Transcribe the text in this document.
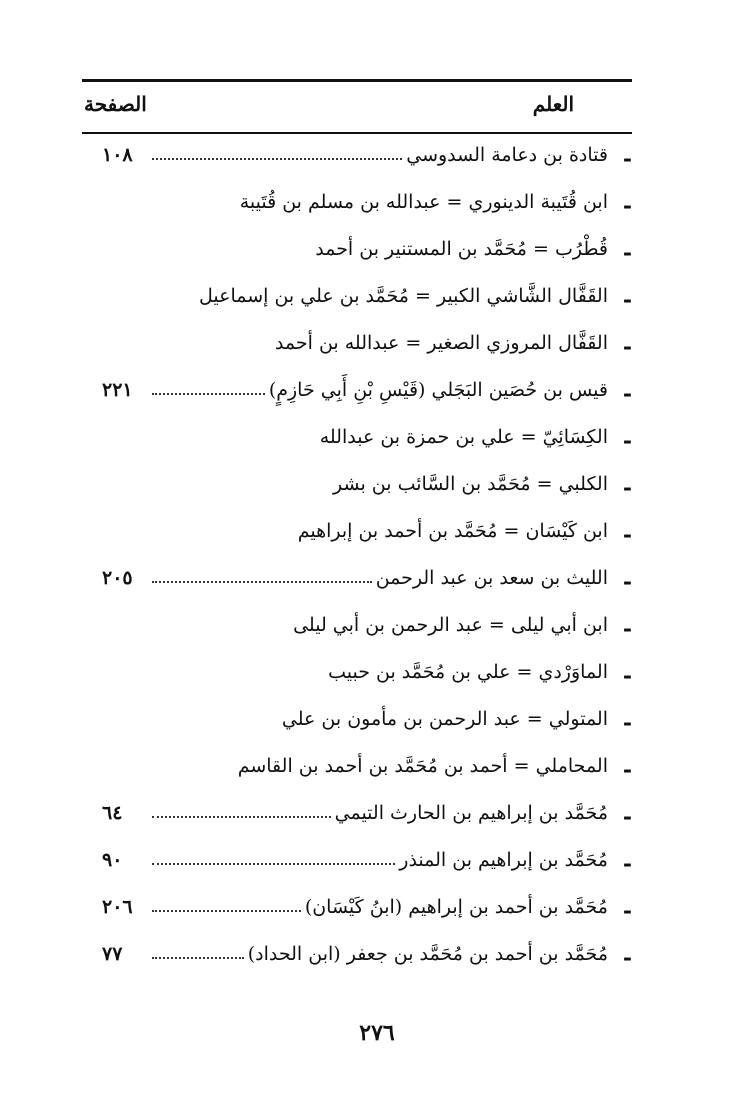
العلم
الصفحة
-
قتادة بن دعامة السدوسي
١٠٨
-
ابن قُتَيبة الدينوري = عبدالله بن مسلم بن قُتَيبة
-
قُطْرُب = مُحَمَّد بن المستنير بن أحمد
-
القَفَّال الشَّاشي الكبير = مُحَمَّد بن علي بن إسماعيل
-
القَفَّال المروزي الصغير = عبدالله بن أحمد
-
قيس بن حُصَين البَجَلي (قَيْسِ بْنِ أَبِي حَازِمٍ)
٢٢١
-
الكِسَائِيّ = علي بن حمزة بن عبدالله
-
الكلبي = مُحَمَّد بن السَّائب بن بشر
-
ابن كَيْسَان = مُحَمَّد بن أحمد بن إبراهيم
-
الليث بن سعد بن عبد الرحمن
٢٠٥
-
ابن أبي ليلى = عبد الرحمن بن أبي ليلى
-
الماوَرْدي = علي بن مُحَمَّد بن حبيب
-
المتولي = عبد الرحمن بن مأمون بن علي
-
المحاملي = أحمد بن مُحَمَّد بن أحمد بن القاسم
-
مُحَمَّد بن إبراهيم بن الحارث التيمي
٦٤
-
مُحَمَّد بن إبراهيم بن المنذر
٩٠
-
مُحَمَّد بن أحمد بن إبراهيم (ابنُ كَيْسَان)
٢٠٦
-
مُحَمَّد بن أحمد بن مُحَمَّد بن جعفر (ابن الحداد)
٧٧
٢٧٦
